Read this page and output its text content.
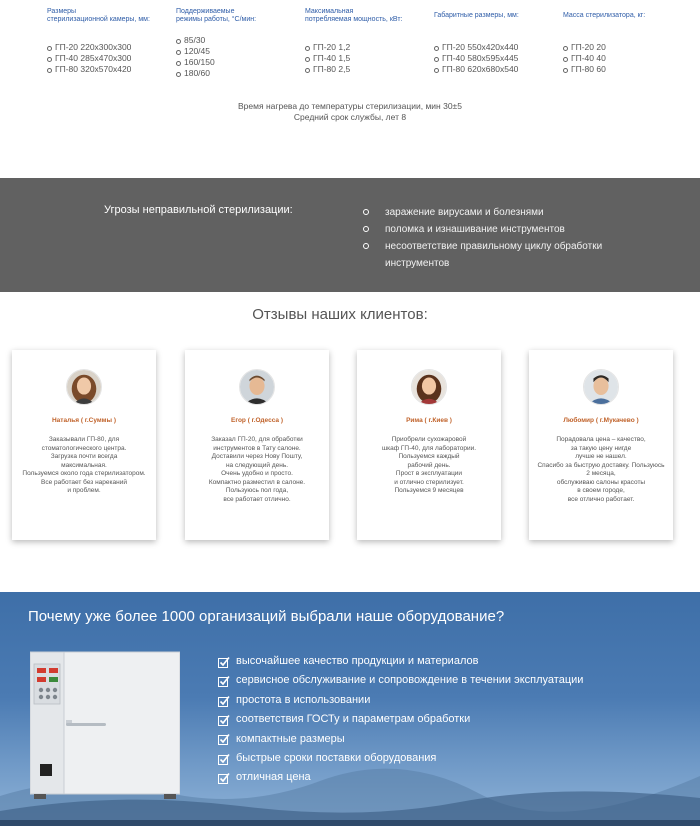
Размеры
стерилизационной камеры, мм:
ГП-20 220x300x300
ГП-40 285x470x300
ГП-80 320x570x420
Поддерживаемые
режимы работы, °С/мин:
85/30
120/45
160/150
180/60
Максимальная
потребляемая мощность, кВт:
ГП-20 1,2
ГП-40 1,5
ГП-80 2,5
Габаритные размеры, мм:
ГП-20 550x420x440
ГП-40 580x595x445
ГП-80 620x680x540
Масса стерилизатора, кг:
ГП-20 20
ГП-40 40
ГП-80 60
Время нагрева до температуры стерилизации, мин 30±5
Средний срок службы, лет 8
Угрозы неправильной стерилизации:	заражение вирусами и болезнями
поломка и изнашивание инструментов
несоответствие правильному циклу обработки инструментов
Отзывы наших клиентов:
Наталья ( г.Суммы )
Заказывали ГП-80, для
стоматологического центра.
Загрузка почти всегда
максимальная.
Пользуемся около года стерилизатором.
Все работает без нареканий
и проблем.
Егор ( г.Одесса )
Заказал ГП-20, для обработки
инструментов в Тату салоне.
Доставили через Нову Пошту,
на следующий день.
Очень удобно и просто.
Компактно разместил в салоне.
Пользуюсь пол года,
все работает отлично.
Рима ( г.Киев )
Приобрели сухожаровой
шкаф ГП-40, для лаборатории.
Пользуемся каждый
рабочий день.
Прост в эксплуатации
и отлично стерилизует.
Пользуемся 9 месяцев
Любомир ( г.Мукачево )
Порадовала цена – качество,
за такую цену нигде
лучше не нашел.
Спасибо за быструю доставку. Пользуюсь
2 месяца,
обслуживаю салоны красоты
в своем городе,
все отлично работает.
Почему уже более 1000 организаций выбрали наше оборудование?
высочайшее качество продукции и материалов
сервисное обслуживание и сопровождение в течении эксплуатации
простота в использовании
соответствия ГОСТу и параметрам обработки
компактные размеры
быстрые сроки поставки оборудования
отличная цена
